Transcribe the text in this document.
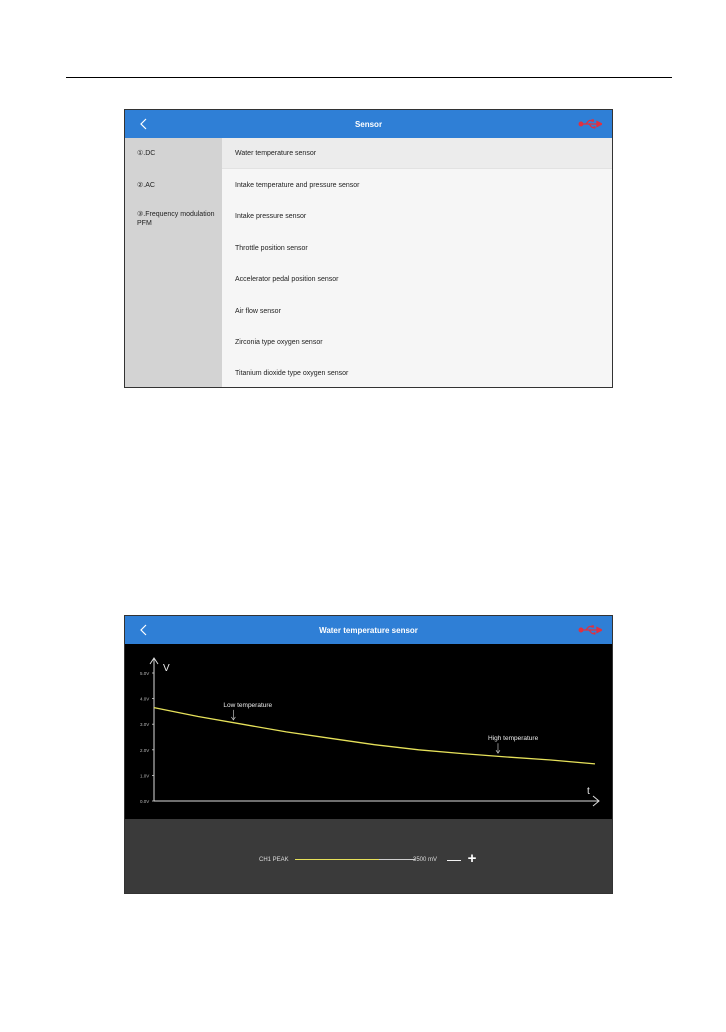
Sensor
①.DC
②.AC
③.Frequency modulation PFM
Water temperature sensor
Intake temperature and pressure sensor
Intake pressure sensor
Throttle position sensor
Accelerator pedal position sensor
Air flow sensor
Zirconia type oxygen sensor
Titanium dioxide type oxygen sensor
Water temperature sensor
V
t
0.0V
1.0V
2.0V
3.0V
4.0V
5.0V
Low temperature
High temperature
CH1 PEAK	3500 mV — +
